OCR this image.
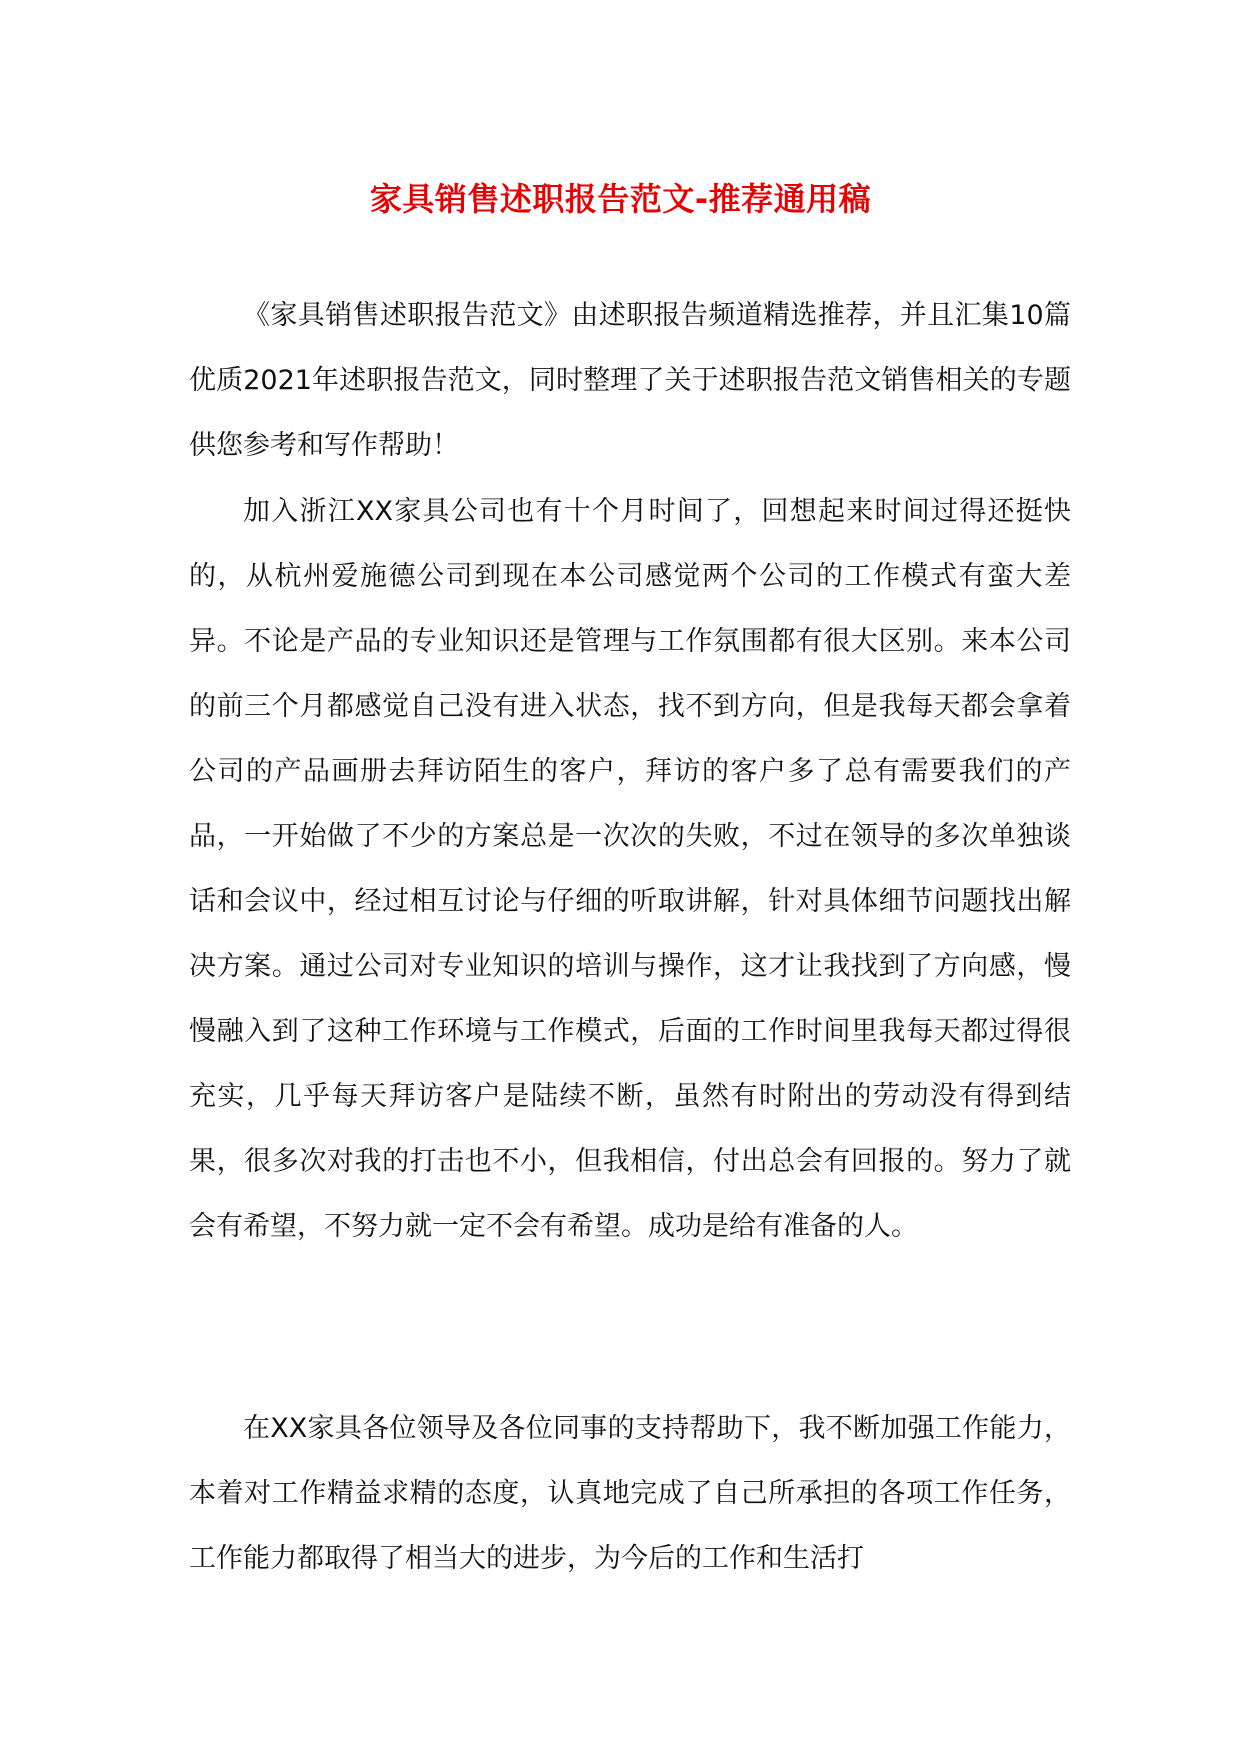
家具销售述职报告范文-推荐通用稿

《家具销售述职报告范文》由述职报告频道精选推荐，并且汇集10篇优质2021年述职报告范文，同时整理了关于述职报告范文销售相关的专题供您参考和写作帮助！

加入浙江XX家具公司也有十个月时间了，回想起来时间过得还挺快的，从杭州爱施德公司到现在本公司感觉两个公司的工作模式有蛮大差异。不论是产品的专业知识还是管理与工作氛围都有很大区别。来本公司的前三个月都感觉自己没有进入状态，找不到方向，但是我每天都会拿着公司的产品画册去拜访陌生的客户，拜访的客户多了总有需要我们的产品，一开始做了不少的方案总是一次次的失败，不过在领导的多次单独谈话和会议中，经过相互讨论与仔细的听取讲解，针对具体细节问题找出解决方案。通过公司对专业知识的培训与操作，这才让我找到了方向感，慢慢融入到了这种工作环境与工作模式，后面的工作时间里我每天都过得很充实，几乎每天拜访客户是陆续不断，虽然有时附出的劳动没有得到结果，很多次对我的打击也不小，但我相信，付出总会有回报的。努力了就会有希望，不努力就一定不会有希望。成功是给有准备的人。

在XX家具各位领导及各位同事的支持帮助下，我不断加强工作能力，本着对工作精益求精的态度，认真地完成了自己所承担的各项工作任务，工作能力都取得了相当大的进步，为今后的工作和生活打
